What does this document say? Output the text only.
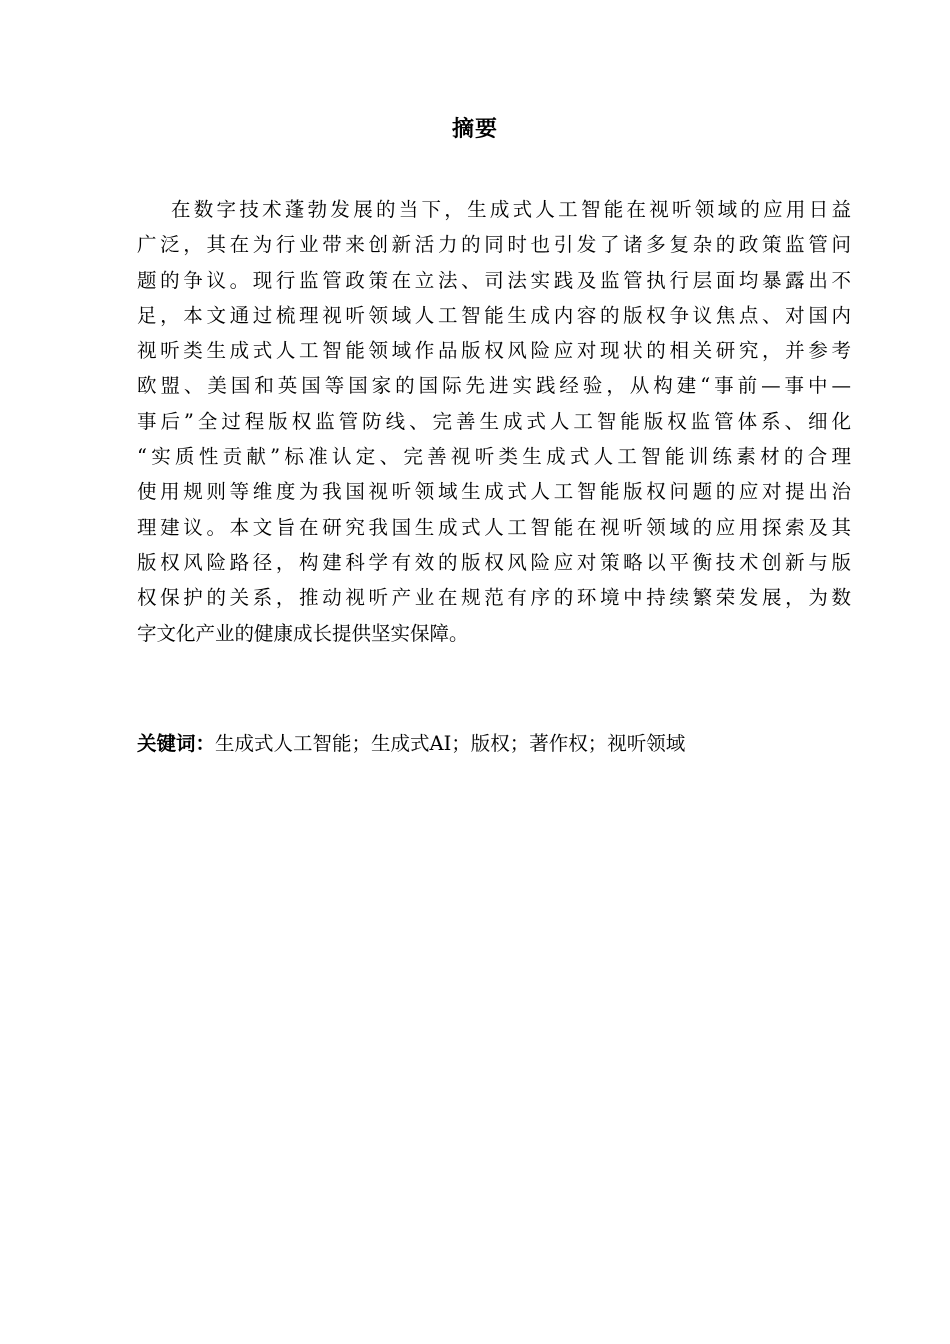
摘要
在数字技术蓬勃发展的当下，生成式人工智能在视听领域的应用日益
广泛，其在为行业带来创新活力的同时也引发了诸多复杂的政策监管问
题的争议。现行监管政策在立法、司法实践及监管执行层面均暴露出不
足，本文通过梳理视听领域人工智能生成内容的版权争议焦点、对国内
视听类生成式人工智能领域作品版权风险应对现状的相关研究，并参考
欧盟、美国和英国等国家的国际先进实践经验，从构建“事前—事中—
事后”全过程版权监管防线、完善生成式人工智能版权监管体系、细化
“实质性贡献”标准认定、完善视听类生成式人工智能训练素材的合理
使用规则等维度为我国视听领域生成式人工智能版权问题的应对提出治
理建议。本文旨在研究我国生成式人工智能在视听领域的应用探索及其
版权风险路径，构建科学有效的版权风险应对策略以平衡技术创新与版
权保护的关系，推动视听产业在规范有序的环境中持续繁荣发展，为数
字文化产业的健康成长提供坚实保障。
关键词：生成式人工智能；生成式AI；版权；著作权；视听领域
